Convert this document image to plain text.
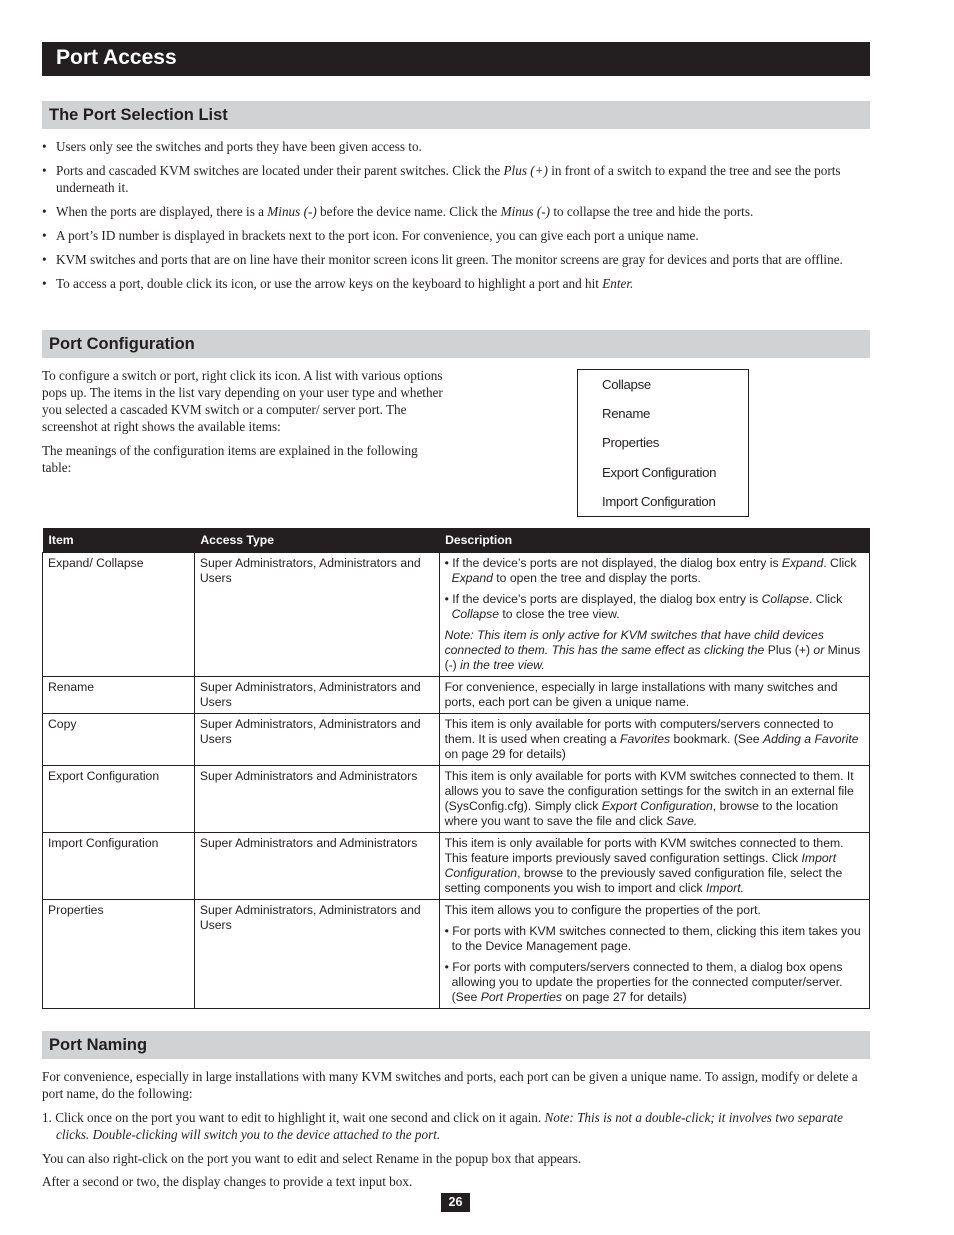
Port Access
The Port Selection List
• Users only see the switches and ports they have been given access to.
• Ports and cascaded KVM switches are located under their parent switches. Click the Plus (+) in front of a switch to expand the tree and see the ports underneath it.
• When the ports are displayed, there is a Minus (-) before the device name. Click the Minus (-) to collapse the tree and hide the ports.
• A port’s ID number is displayed in brackets next to the port icon. For convenience, you can give each port a unique name.
• KVM switches and ports that are on line have their monitor screen icons lit green. The monitor screens are gray for devices and ports that are offline.
• To access a port, double click its icon, or use the arrow keys on the keyboard to highlight a port and hit Enter.
Port Configuration

To configure a switch or port, right click its icon. A list with various options pops up. The items in the list vary depending on your user type and whether you selected a cascaded KVM switch or a computer/ server port. The screenshot at right shows the available items:

The meanings of the configuration items are explained in the following table:

Collapse
Rename
Properties
Export Configuration
Import Configuration
Item	Access Type	Description
Expand/ Collapse	Super Administrators, Administrators and Users	• If the device’s ports are not displayed, the dialog box entry is Expand. Click Expand to open the tree and display the ports.

• If the device’s ports are displayed, the dialog box entry is Collapse. Click Collapse to close the tree view.

Note: This item is only active for KVM switches that have child devices connected to them. This has the same effect as clicking the Plus (+) or Minus (-) in the tree view.

Rename	Super Administrators, Administrators and Users	For convenience, especially in large installations with many switches and ports, each port can be given a unique name.

Copy	Super Administrators, Administrators and Users	This item is only available for ports with computers/servers connected to them. It is used when creating a Favorites bookmark. (See Adding a Favorite on page 29 for details)

Export Configuration	Super Administrators and Administrators	This item is only available for ports with KVM switches connected to them. It allows you to save the configuration settings for the switch in an external file (SysConfig.cfg). Simply click Export Configuration, browse to the location where you want to save the file and click Save.

Import Configuration	Super Administrators and Administrators	This item is only available for ports with KVM switches connected to them. This feature imports previously saved configuration settings. Click Import Configuration, browse to the previously saved configuration file, select the setting components you wish to import and click Import.

Properties	Super Administrators, Administrators and Users	This item allows you to configure the properties of the port.

• For ports with KVM switches connected to them, clicking this item takes you to the Device Management page.

• For ports with computers/servers connected to them, a dialog box opens allowing you to update the properties for the connected computer/server. (See Port Properties on page 27 for details)

Port Naming

For convenience, especially in large installations with many KVM switches and ports, each port can be given a unique name. To assign, modify or delete a port name, do the following:

1. Click once on the port you want to edit to highlight it, wait one second and click on it again. Note: This is not a double-click; it involves two separate clicks. Double-clicking will switch you to the device attached to the port.

You can also right-click on the port you want to edit and select Rename in the popup box that appears.

After a second or two, the display changes to provide a text input box.

26
